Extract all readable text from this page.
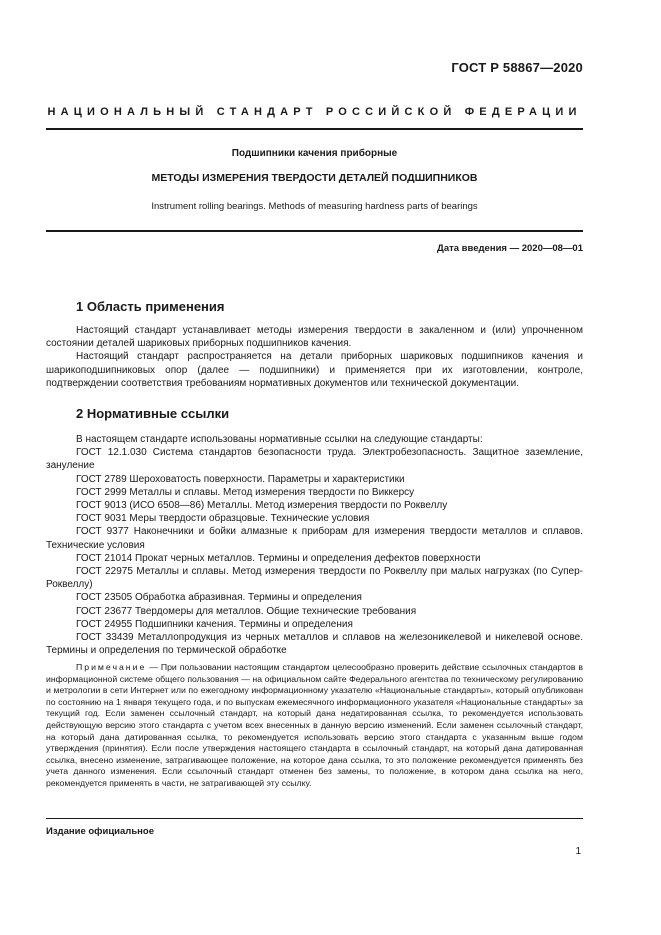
ГОСТ Р 58867—2020
НАЦИОНАЛЬНЫЙ СТАНДАРТ РОССИЙСКОЙ ФЕДЕРАЦИИ
Подшипники качения приборные
МЕТОДЫ ИЗМЕРЕНИЯ ТВЕРДОСТИ ДЕТАЛЕЙ ПОДШИПНИКОВ
Instrument rolling bearings. Methods of measuring hardness parts of bearings
Дата введения — 2020—08—01
1 Область применения

Настоящий стандарт устанавливает методы измерения твердости в закаленном и (или) упрочненном состоянии деталей шариковых приборных подшипников качения.

Настоящий стандарт распространяется на детали приборных шариковых подшипников качения и шарикоподшипниковых опор (далее — подшипники) и применяется при их изготовлении, контроле, подтверждении соответствия требованиям нормативных документов или технической документации.

2 Нормативные ссылки

В настоящем стандарте использованы нормативные ссылки на следующие стандарты:

ГОСТ 12.1.030 Система стандартов безопасности труда. Электробезопасность. Защитное заземление, зануление

ГОСТ 2789 Шероховатость поверхности. Параметры и характеристики

ГОСТ 2999 Металлы и сплавы. Метод измерения твердости по Виккерсу

ГОСТ 9013 (ИСО 6508—86) Металлы. Метод измерения твердости по Роквеллу

ГОСТ 9031 Меры твердости образцовые. Технические условия

ГОСТ 9377 Наконечники и бойки алмазные к приборам для измерения твердости металлов и сплавов. Технические условия

ГОСТ 21014 Прокат черных металлов. Термины и определения дефектов поверхности

ГОСТ 22975 Металлы и сплавы. Метод измерения твердости по Роквеллу при малых нагрузках (по Супер-Роквеллу)

ГОСТ 23505 Обработка абразивная. Термины и определения

ГОСТ 23677 Твердомеры для металлов. Общие технические требования

ГОСТ 24955 Подшипники качения. Термины и определения

ГОСТ 33439 Металлопродукция из черных металлов и сплавов на железоникелевой и никелевой основе. Термины и определения по термической обработке

Примечание — При пользовании настоящим стандартом целесообразно проверить действие ссылочных стандартов в информационной системе общего пользования — на официальном сайте Федерального агентства по техническому регулированию и метрологии в сети Интернет или по ежегодному информационному указателю «Национальные стандарты», который опубликован по состоянию на 1 января текущего года, и по выпускам ежемесячного информационного указателя «Национальные стандарты» за текущий год. Если заменен ссылочный стандарт, на который дана недатированная ссылка, то рекомендуется использовать действующую версию этого стандарта с учетом всех внесенных в данную версию изменений. Если заменен ссылочный стандарт, на который дана датированная ссылка, то рекомендуется использовать версию этого стандарта с указанным выше годом утверждения (принятия). Если после утверждения настоящего стандарта в ссылочный стандарт, на который дана датированная ссылка, внесено изменение, затрагивающее положение, на которое дана ссылка, то это положение рекомендуется применять без учета данного изменения. Если ссылочный стандарт отменен без замены, то положение, в котором дана ссылка на него, рекомендуется применять в части, не затрагивающей эту ссылку.

Издание официальное
1
